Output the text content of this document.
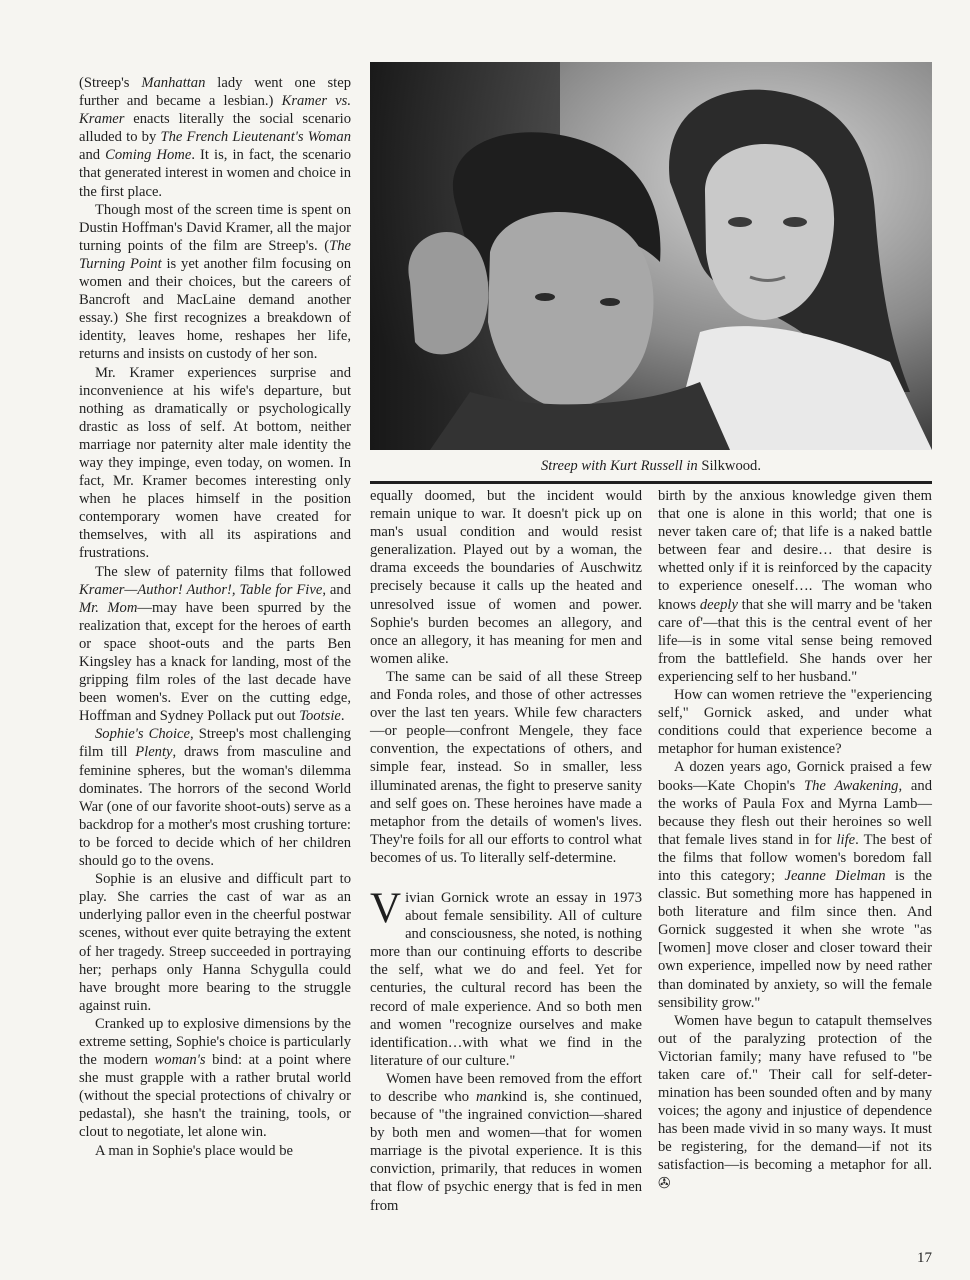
(Streep's Manhattan lady went one step further and became a lesbian.) Kramer vs. Kramer enacts literally the social scenario alluded to by The French Lieutenant's Woman and Coming Home. It is, in fact, the scenario that generated interest in women and choice in the first place.

Though most of the screen time is spent on Dustin Hoffman's David Kramer, all the major turning points of the film are Streep's. (The Turning Point is yet another film focusing on women and their choices, but the careers of Bancroft and MacLaine demand another essay.) She first recognizes a breakdown of identity, leaves home, reshapes her life, returns and insists on custody of her son.

Mr. Kramer experiences surprise and inconvenience at his wife's departure, but nothing as dramatically or psychologically drastic as loss of self. At bottom, neither marriage nor paternity alter male identity the way they impinge, even today, on women. In fact, Mr. Kramer becomes interesting only when he places himself in the position contemporary women have created for themselves, with all its aspirations and frustrations.

The slew of paternity films that followed Kramer—Author! Author!, Table for Five, and Mr. Mom—may have been spurred by the realization that, except for the heroes of earth or space shoot-outs and the parts Ben Kingsley has a knack for landing, most of the gripping film roles of the last decade have been women's. Ever on the cutting edge, Hoffman and Sydney Pollack put out Tootsie.

Sophie's Choice, Streep's most challenging film till Plenty, draws from masculine and feminine spheres, but the woman's dilemma dominates. The horrors of the second World War (one of our favorite shoot-outs) serve as a backdrop for a mother's most crushing torture: to be forced to decide which of her children should go to the ovens.

Sophie is an elusive and difficult part to play. She carries the cast of war as an underlying pallor even in the cheerful postwar scenes, without ever quite betraying the extent of her tragedy. Streep succeeded in portraying her; perhaps only Hanna Schygulla could have brought more bearing to the struggle against ruin.

Cranked up to explosive dimensions by the extreme setting, Sophie's choice is particularly the modern woman's bind: at a point where she must grapple with a rather brutal world (without the special protections of chivalry or pedastal), she hasn't the training, tools, or clout to negotiate, let alone win.

A man in Sophie's place would be

Streep with Kurt Russell in Silkwood.

equally doomed, but the incident would remain unique to war. It doesn't pick up on man's usual condition and would resist generalization. Played out by a woman, the drama exceeds the boundaries of Auschwitz precisely because it calls up the heated and unresolved issue of women and power. Sophie's burden becomes an allegory, and once an allegory, it has meaning for men and women alike.

The same can be said of all these Streep and Fonda roles, and those of other actresses over the last ten years. While few characters—or people—confront Mengele, they face convention, the expectations of others, and simple fear, instead. So in smaller, less illuminated arenas, the fight to preserve sanity and self goes on. These heroines have made a metaphor from the details of women's lives. They're foils for all our efforts to control what becomes of us. To literally self-determine.

Vivian Gornick wrote an essay in 1973 about female sensibility. All of culture and consciousness, she noted, is nothing more than our continuing efforts to describe the self, what we do and feel. Yet for centuries, the cultural record has been the record of male experience. And so both men and women "recognize ourselves and make identification…with what we find in the literature of our culture."

Women have been removed from the effort to describe who mankind is, she continued, because of "the ingrained conviction—shared by both men and women—that for women marriage is the pivotal experience. It is this conviction, primarily, that reduces in women that flow of psychic energy that is fed in men from

birth by the anxious knowledge given them that one is alone in this world; that one is never taken care of; that life is a naked battle between fear and desire… that desire is whetted only if it is reinforced by the capacity to experience oneself…. The woman who knows deeply that she will marry and be 'taken care of'—that this is the central event of her life—is in some vital sense being removed from the battlefield. She hands over her experiencing self to her husband."

How can women retrieve the "experiencing self," Gornick asked, and under what conditions could that experience become a metaphor for human existence?

A dozen years ago, Gornick praised a few books—Kate Chopin's The Awakening, and the works of Paula Fox and Myrna Lamb—because they flesh out their heroines so well that female lives stand in for life. The best of the films that follow women's boredom fall into this category; Jeanne Dielman is the classic. But something more has happened in both literature and film since then. And Gornick suggested it when she wrote "as [women] move closer and closer toward their own experience, impelled now by need rather than dominated by anxiety, so will the female sensibility grow."

Women have begun to catapult themselves out of the paralyzing protection of the Victorian family; many have refused to "be taken care of." Their call for self-determination has been sounded often and by many voices; the agony and injustice of dependence has been made vivid in so many ways. It must be registering, for the demand—if not its satisfaction—is becoming a metaphor for all. ✇

17
